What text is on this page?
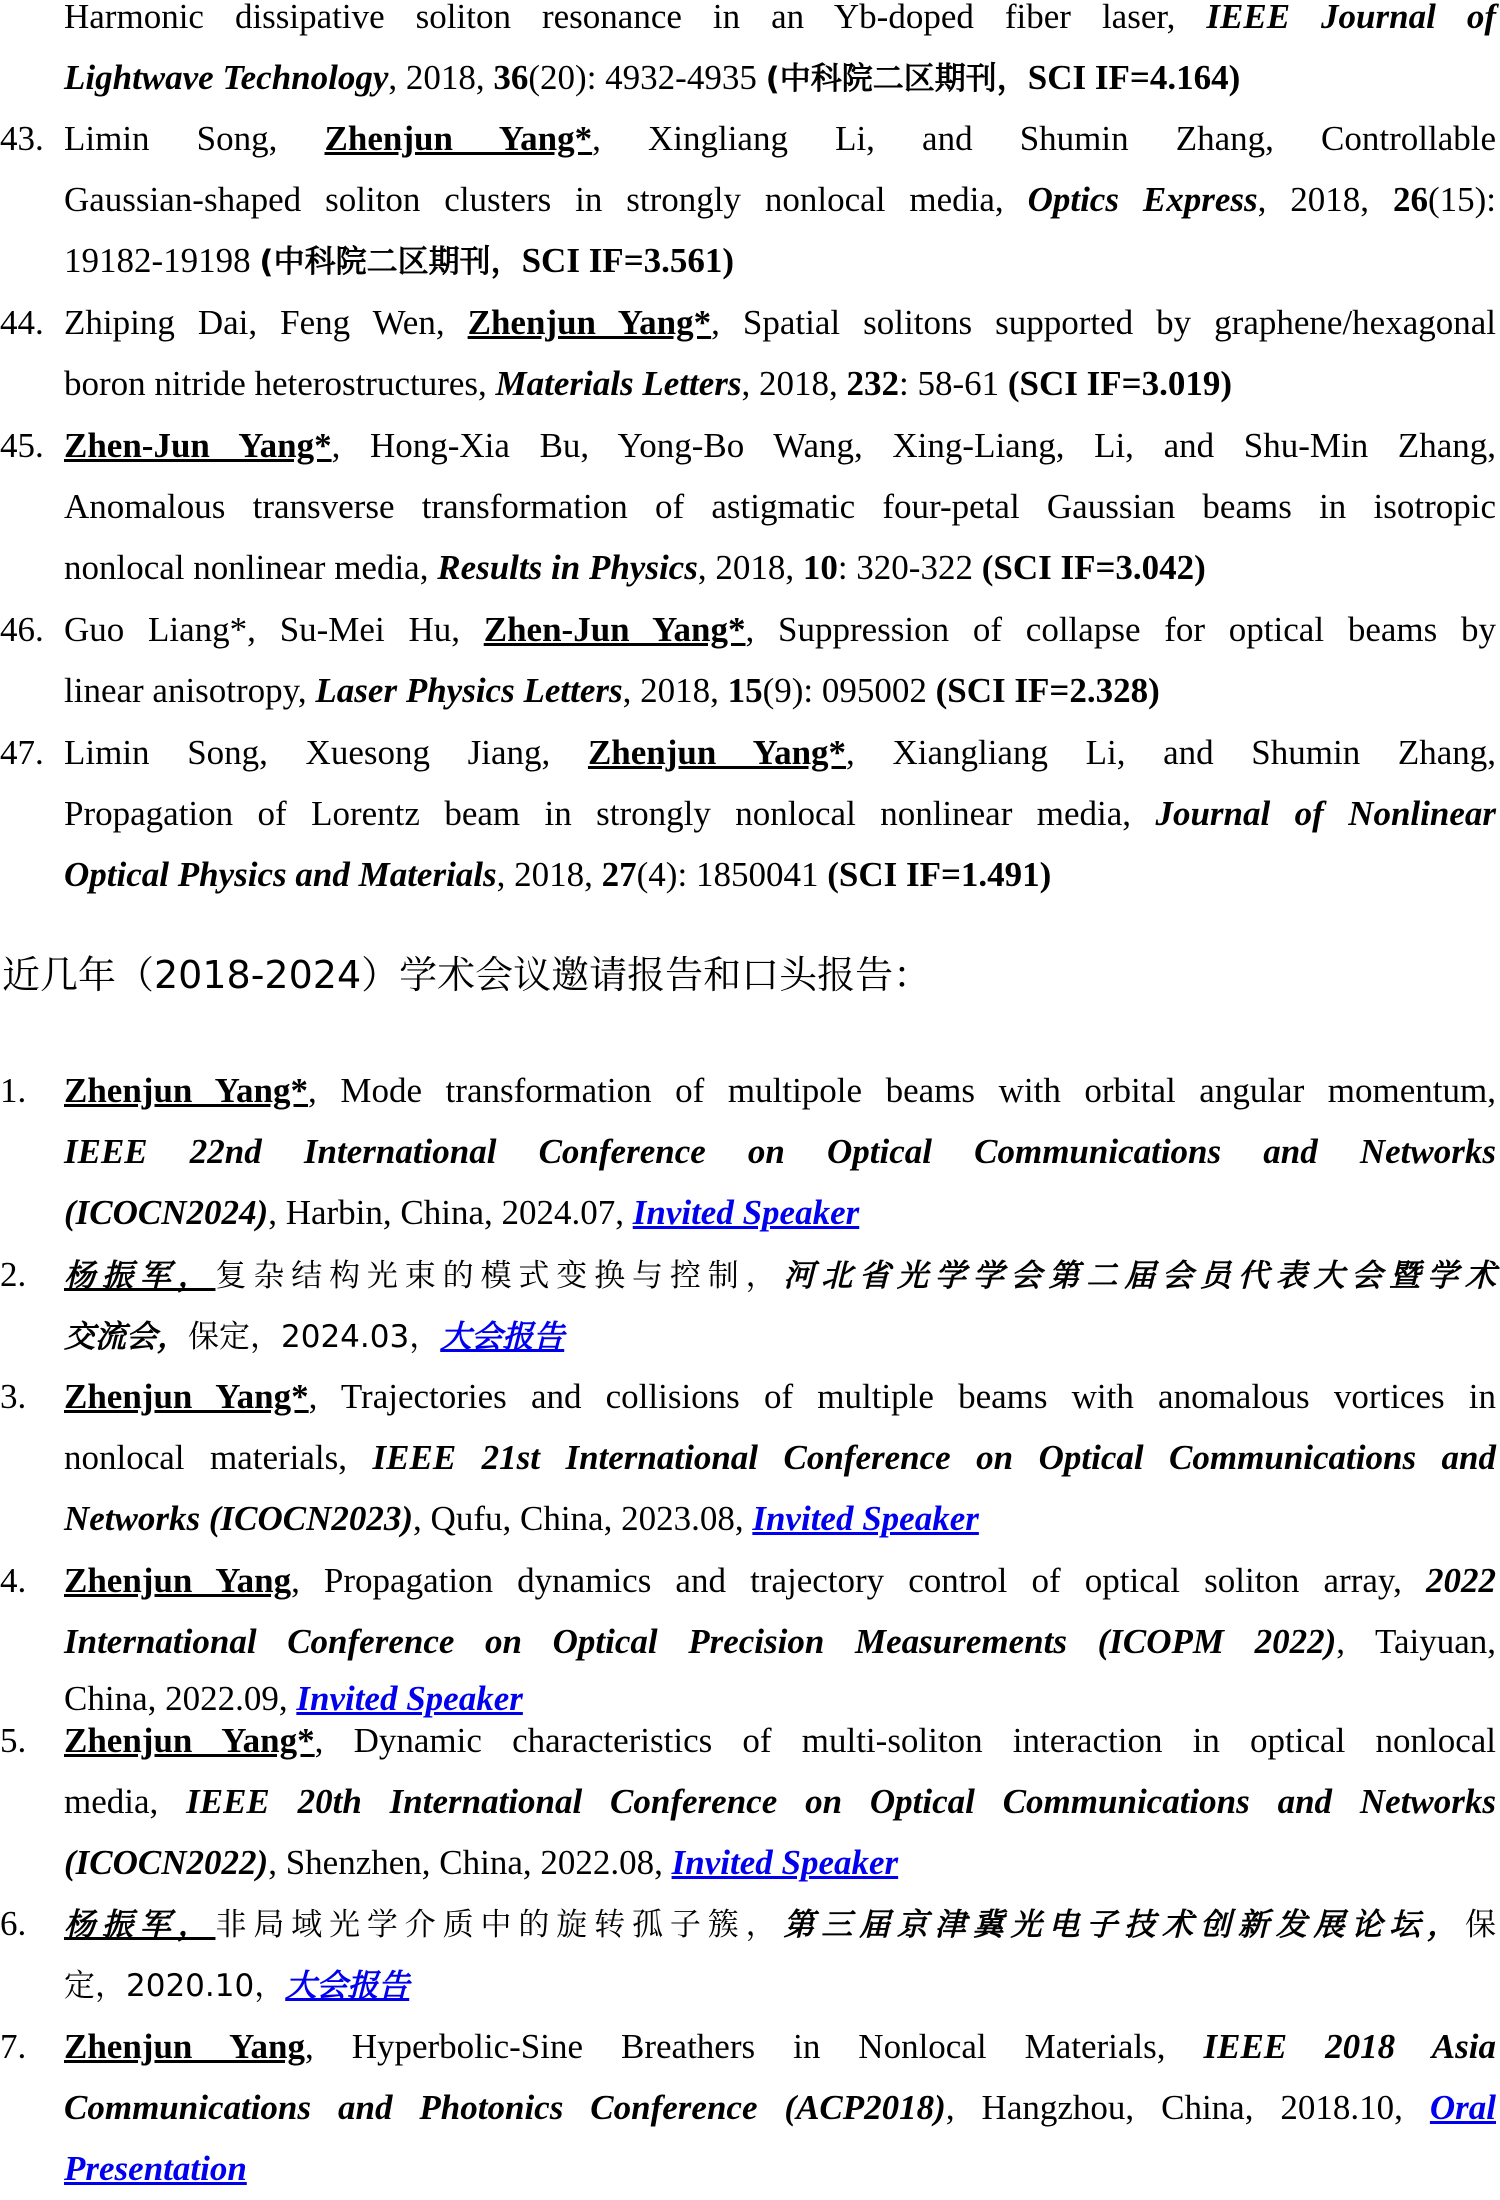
Harmonic dissipative soliton resonance in an Yb-doped fiber laser, IEEE Journal of
Lightwave Technology, 2018, 36(20): 4932-4935 (中科院二区期刊，SCI IF=4.164)
43. Limin Song, Zhenjun Yang*, Xingliang Li, and Shumin Zhang, Controllable
Gaussian-shaped soliton clusters in strongly nonlocal media, Optics Express, 2018, 26(15):
19182-19198 (中科院二区期刊，SCI IF=3.561)
44. Zhiping Dai, Feng Wen, Zhenjun Yang*, Spatial solitons supported by graphene/hexagonal
boron nitride heterostructures, Materials Letters, 2018, 232: 58-61 (SCI IF=3.019)
45. Zhen-Jun Yang*, Hong-Xia Bu, Yong-Bo Wang, Xing-Liang, Li, and Shu-Min Zhang,
Anomalous transverse transformation of astigmatic four-petal Gaussian beams in isotropic
nonlocal nonlinear media, Results in Physics, 2018, 10: 320-322 (SCI IF=3.042)
46. Guo Liang*, Su-Mei Hu, Zhen-Jun Yang*, Suppression of collapse for optical beams by
linear anisotropy, Laser Physics Letters, 2018, 15(9): 095002 (SCI IF=2.328)
47. Limin Song, Xuesong Jiang, Zhenjun Yang*, Xiangliang Li, and Shumin Zhang,
Propagation of Lorentz beam in strongly nonlocal nonlinear media, Journal of Nonlinear
Optical Physics and Materials, 2018, 27(4): 1850041 (SCI IF=1.491)
近几年（2018-2024）学术会议邀请报告和口头报告：
1.	Zhenjun Yang*, Mode transformation of multipole beams with orbital angular momentum,
IEEE 22nd International Conference on Optical Communications and Networks
(ICOCN2024), Harbin, China, 2024.07, Invited Speaker
2.	杨振军，复杂结构光束的模式变换与控制，河北省光学学会第二届会员代表大会暨学术
交流会，保定，2024.03，大会报告
3.	Zhenjun Yang*, Trajectories and collisions of multiple beams with anomalous vortices in
nonlocal materials, IEEE 21st International Conference on Optical Communications and
Networks (ICOCN2023), Qufu, China, 2023.08, Invited Speaker
4.	Zhenjun Yang, Propagation dynamics and trajectory control of optical soliton array, 2022
International Conference on Optical Precision Measurements (ICOPM 2022), Taiyuan,
China, 2022.09, Invited Speaker
5.	Zhenjun Yang*, Dynamic characteristics of multi-soliton interaction in optical nonlocal
media, IEEE 20th International Conference on Optical Communications and Networks
(ICOCN2022), Shenzhen, China, 2022.08, Invited Speaker
6.	杨振军，非局域光学介质中的旋转孤子簇，第三届京津冀光电子技术创新发展论坛，保
定，2020.10，大会报告
7.	Zhenjun Yang, Hyperbolic-Sine Breathers in Nonlocal Materials, IEEE 2018 Asia
Communications and Photonics Conference (ACP2018), Hangzhou, China, 2018.10, Oral
Presentation
